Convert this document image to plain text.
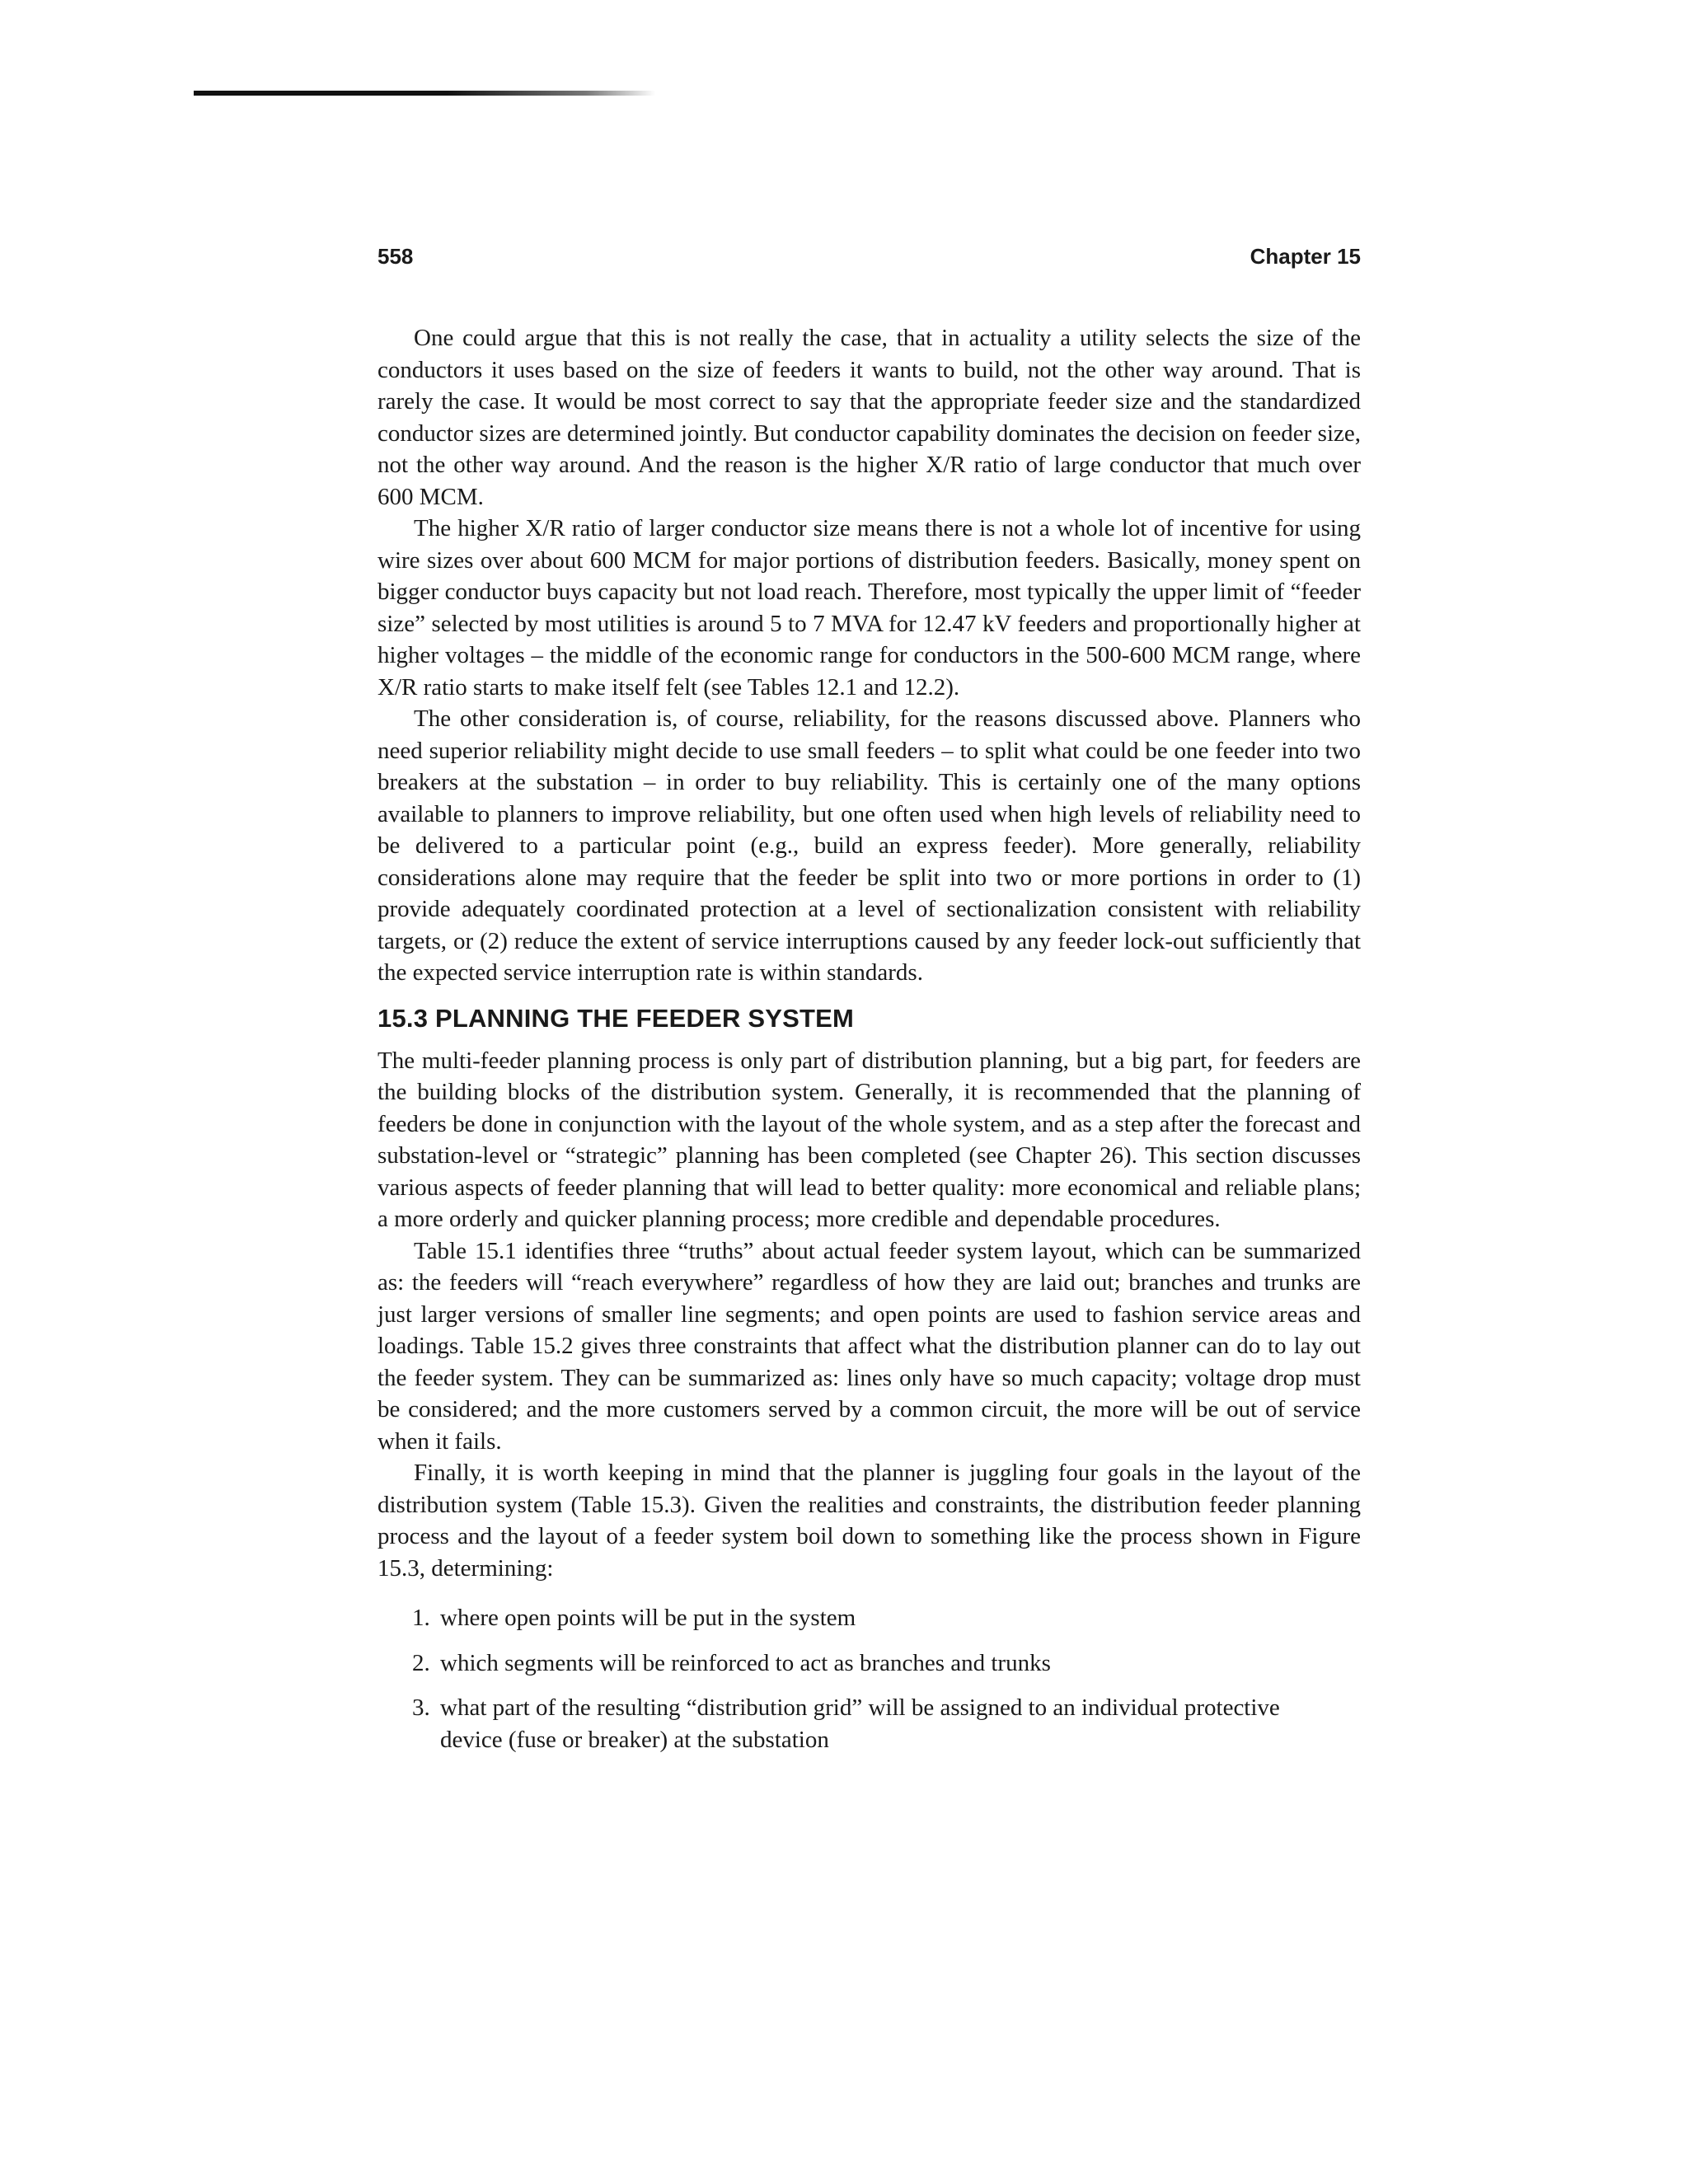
558	Chapter 15

One could argue that this is not really the case, that in actuality a utility selects the size of the conductors it uses based on the size of feeders it wants to build, not the other way around. That is rarely the case. It would be most correct to say that the appropriate feeder size and the standardized conductor sizes are determined jointly. But conductor capability dominates the decision on feeder size, not the other way around. And the reason is the higher X/R ratio of large conductor that much over 600 MCM.

The higher X/R ratio of larger conductor size means there is not a whole lot of incentive for using wire sizes over about 600 MCM for major portions of distribution feeders. Basically, money spent on bigger conductor buys capacity but not load reach. Therefore, most typically the upper limit of “feeder size” selected by most utilities is around 5 to 7 MVA for 12.47 kV feeders and proportionally higher at higher voltages – the middle of the economic range for conductors in the 500-600 MCM range, where X/R ratio starts to make itself felt (see Tables 12.1 and 12.2).

The other consideration is, of course, reliability, for the reasons discussed above. Planners who need superior reliability might decide to use small feeders – to split what could be one feeder into two breakers at the substation – in order to buy reliability. This is certainly one of the many options available to planners to improve reliability, but one often used when high levels of reliability need to be delivered to a particular point (e.g., build an express feeder). More generally, reliability considerations alone may require that the feeder be split into two or more portions in order to (1) provide adequately coordinated protection at a level of sectionalization consistent with reliability targets, or (2) reduce the extent of service interruptions caused by any feeder lock-out sufficiently that the expected service interruption rate is within standards.

15.3 PLANNING THE FEEDER SYSTEM

The multi-feeder planning process is only part of distribution planning, but a big part, for feeders are the building blocks of the distribution system. Generally, it is recommended that the planning of feeders be done in conjunction with the layout of the whole system, and as a step after the forecast and substation-level or “strategic” planning has been completed (see Chapter 26). This section discusses various aspects of feeder planning that will lead to better quality: more economical and reliable plans; a more orderly and quicker planning process; more credible and dependable procedures.

Table 15.1 identifies three “truths” about actual feeder system layout, which can be summarized as: the feeders will “reach everywhere” regardless of how they are laid out; branches and trunks are just larger versions of smaller line segments; and open points are used to fashion service areas and loadings. Table 15.2 gives three constraints that affect what the distribution planner can do to lay out the feeder system. They can be summarized as: lines only have so much capacity; voltage drop must be considered; and the more customers served by a common circuit, the more will be out of service when it fails.

Finally, it is worth keeping in mind that the planner is juggling four goals in the layout of the distribution system (Table 15.3). Given the realities and constraints, the distribution feeder planning process and the layout of a feeder system boil down to something like the process shown in Figure 15.3, determining:

1. where open points will be put in the system
2. which segments will be reinforced to act as branches and trunks
3. what part of the resulting “distribution grid” will be assigned to an individual protective device (fuse or breaker) at the substation
